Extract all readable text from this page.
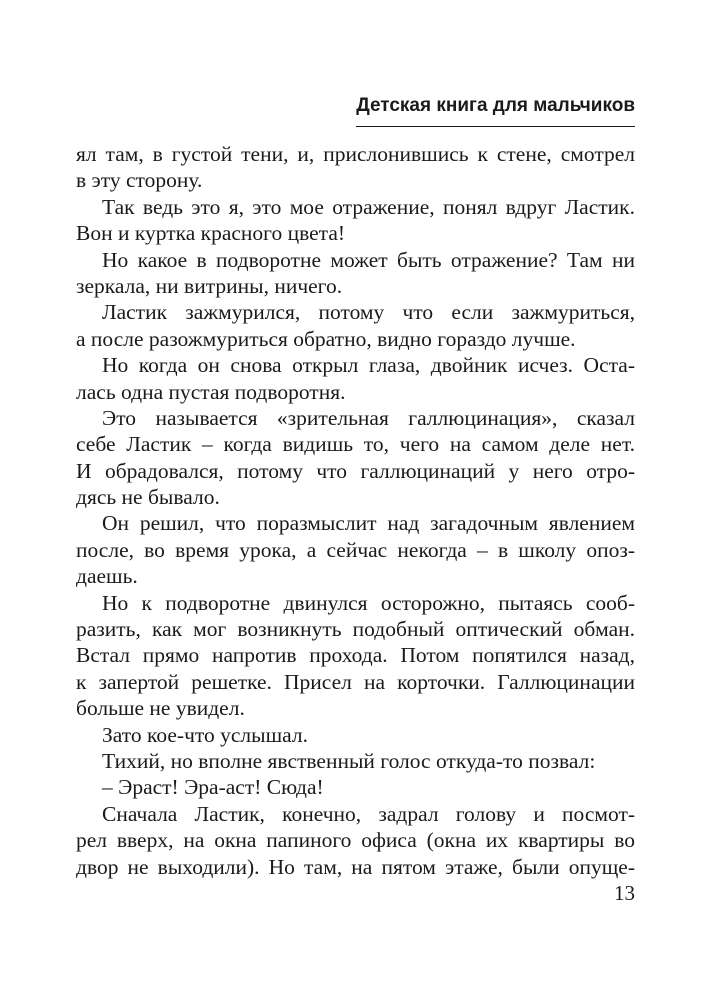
Детская книга для мальчиков
ял там, в густой тени, и, прислонившись к стене, смотрел
в эту сторону.
Так ведь это я, это мое отражение, понял вдруг Ластик.
Вон и куртка красного цвета!
Но какое в подворотне может быть отражение? Там ни
зеркала, ни витрины, ничего.
Ластик зажмурился, потому что если зажмуриться,
а после разожмуриться обратно, видно гораздо лучше.
Но когда он снова открыл глаза, двойник исчез. Оста-
лась одна пустая подворотня.
Это называется «зрительная галлюцинация», сказал
себе Ластик – когда видишь то, чего на самом деле нет.
И обрадовался, потому что галлюцинаций у него отро-
дясь не бывало.
Он решил, что поразмыслит над загадочным явлением
после, во время урока, а сейчас некогда – в школу опоз-
даешь.
Но к подворотне двинулся осторожно, пытаясь сооб-
разить, как мог возникнуть подобный оптический обман.
Встал прямо напротив прохода. Потом попятился назад,
к запертой решетке. Присел на корточки. Галлюцинации
больше не увидел.
Зато кое-что услышал.
Тихий, но вполне явственный голос откуда-то позвал:
– Эраст! Эра-аст! Сюда!
Сначала Ластик, конечно, задрал голову и посмот-
рел вверх, на окна папиного офиса (окна их квартиры во
двор не выходили). Но там, на пятом этаже, были опуще-
13
